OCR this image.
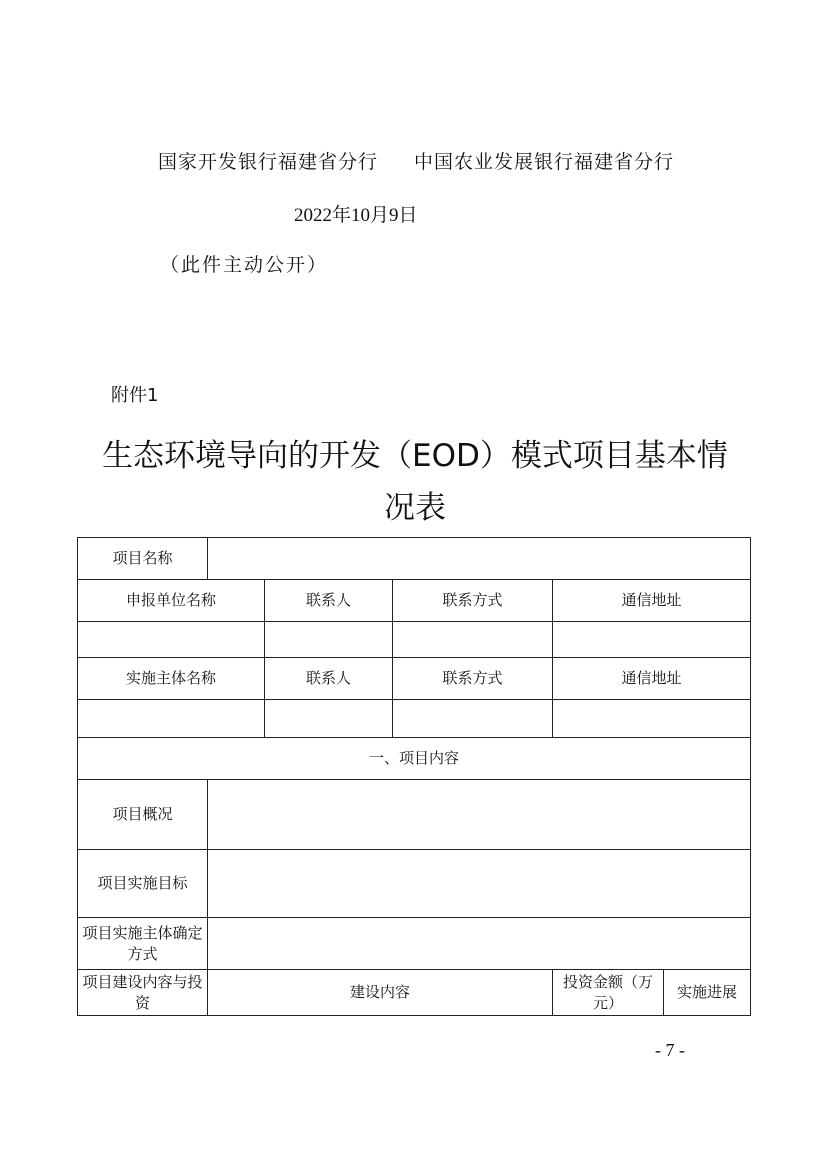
国家开发银行福建省分行 中国农业发展银行福建省分行
2022年10月9日
（此件主动公开）
附件1
生态环境导向的开发（EOD）模式项目基本情况表
项目名称					
申报单位名称		联系人	联系方式	通信地址	

实施主体名称		联系人	联系方式	通信地址	

一、项目内容					
项目概况					
项目实施目标					
项目实施主体确定方式					
项目建设内容与投资	建设内容			投资金额（万元）	实施进展
- 7 -
